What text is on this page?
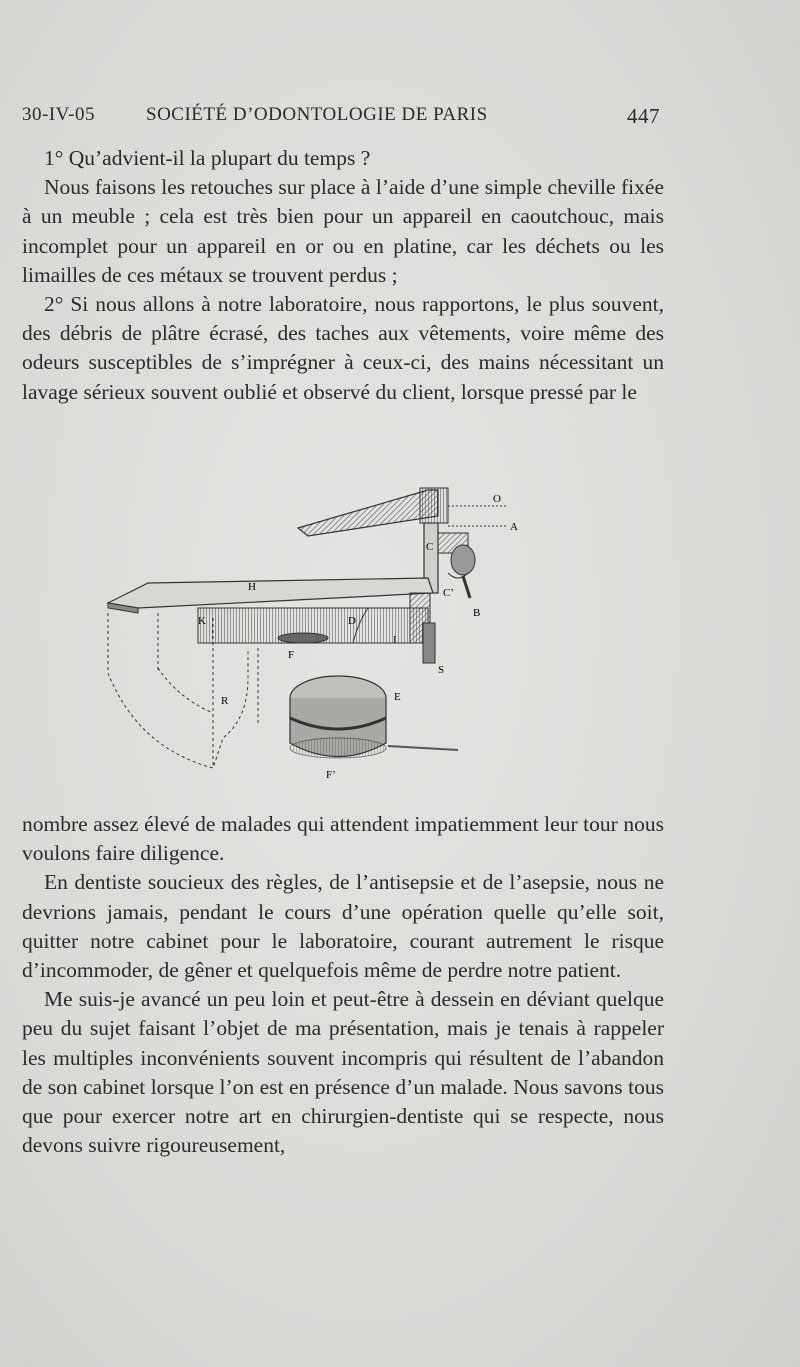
30-IV-05	SOCIÉTÉ D’ODONTOLOGIE DE PARIS	447

1° Qu’advient-il la plupart du temps ?

Nous faisons les retouches sur place à l’aide d’une simple cheville fixée à un meuble ; cela est très bien pour un appareil en caoutchouc, mais incomplet pour un appareil en or ou en platine, car les déchets ou les limailles de ces métaux se trouvent perdus ;

2° Si nous allons à notre laboratoire, nous rapportons, le plus souvent, des débris de plâtre écrasé, des taches aux vêtements, voire même des odeurs susceptibles de s’imprégner à ceux-ci, des mains nécessitant un lavage sérieux souvent oublié et observé du client, lorsque pressé par le

O
A
C
C’
B
H
K	D
F
I
S
R	E
F’

nombre assez élevé de malades qui attendent impatiemment leur tour nous voulons faire diligence.

En dentiste soucieux des règles, de l’antisepsie et de l’asepsie, nous ne devrions jamais, pendant le cours d’une opération quelle qu’elle soit, quitter notre cabinet pour le laboratoire, courant autrement le risque d’incommoder, de gêner et quelquefois même de perdre notre patient.

Me suis-je avancé un peu loin et peut-être à dessein en déviant quelque peu du sujet faisant l’objet de ma présentation, mais je tenais à rappeler les multiples inconvénients souvent incompris qui résultent de l’abandon de son cabinet lorsque l’on est en présence d’un malade. Nous savons tous que pour exercer notre art en chirurgien-dentiste qui se respecte, nous devons suivre rigoureusement,
